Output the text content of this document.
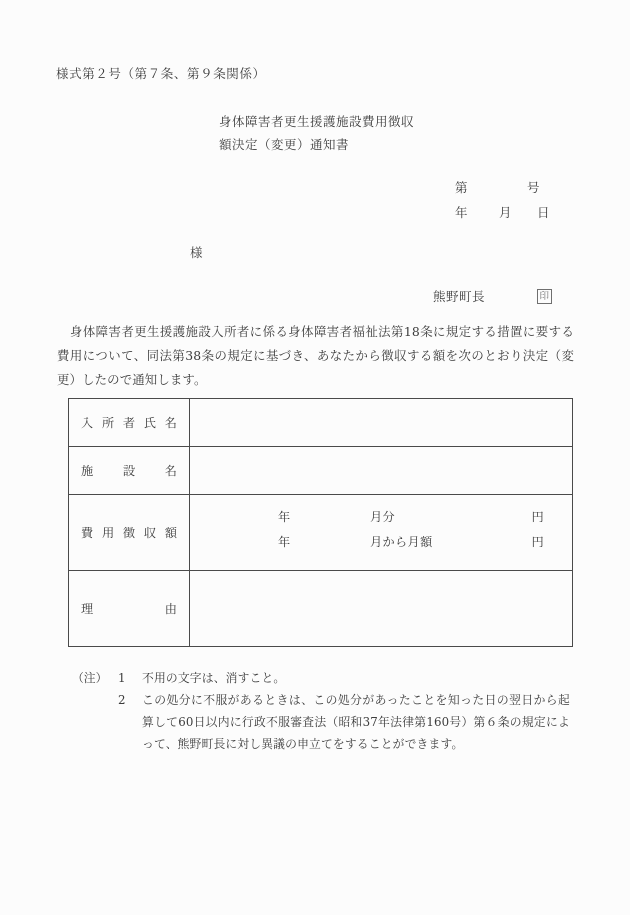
様式第２号（第７条、第９条関係）
身体障害者更生援護施設費用徴収
額決定（変更）通知書
第	号
年	月	日
様
熊野町長	印
身体障害者更生援護施設入所者に係る身体障害者福祉法第18条に規定する措置に要する費用について、同法第38条の規定に基づき、あなたから徴収する額を次のとおり決定（変更）したので通知します。
入所者氏名	

施設名	

費用徴収額

年	月分	円
年	月から月額	円

理由	

（注） 1	不用の文字は、消すこと。
2	この処分に不服があるときは、この処分があったことを知った日の翌日から起算して60日以内に行政不服審査法（昭和37年法律第160号）第６条の規定によって、熊野町長に対し異議の申立てをすることができます。
